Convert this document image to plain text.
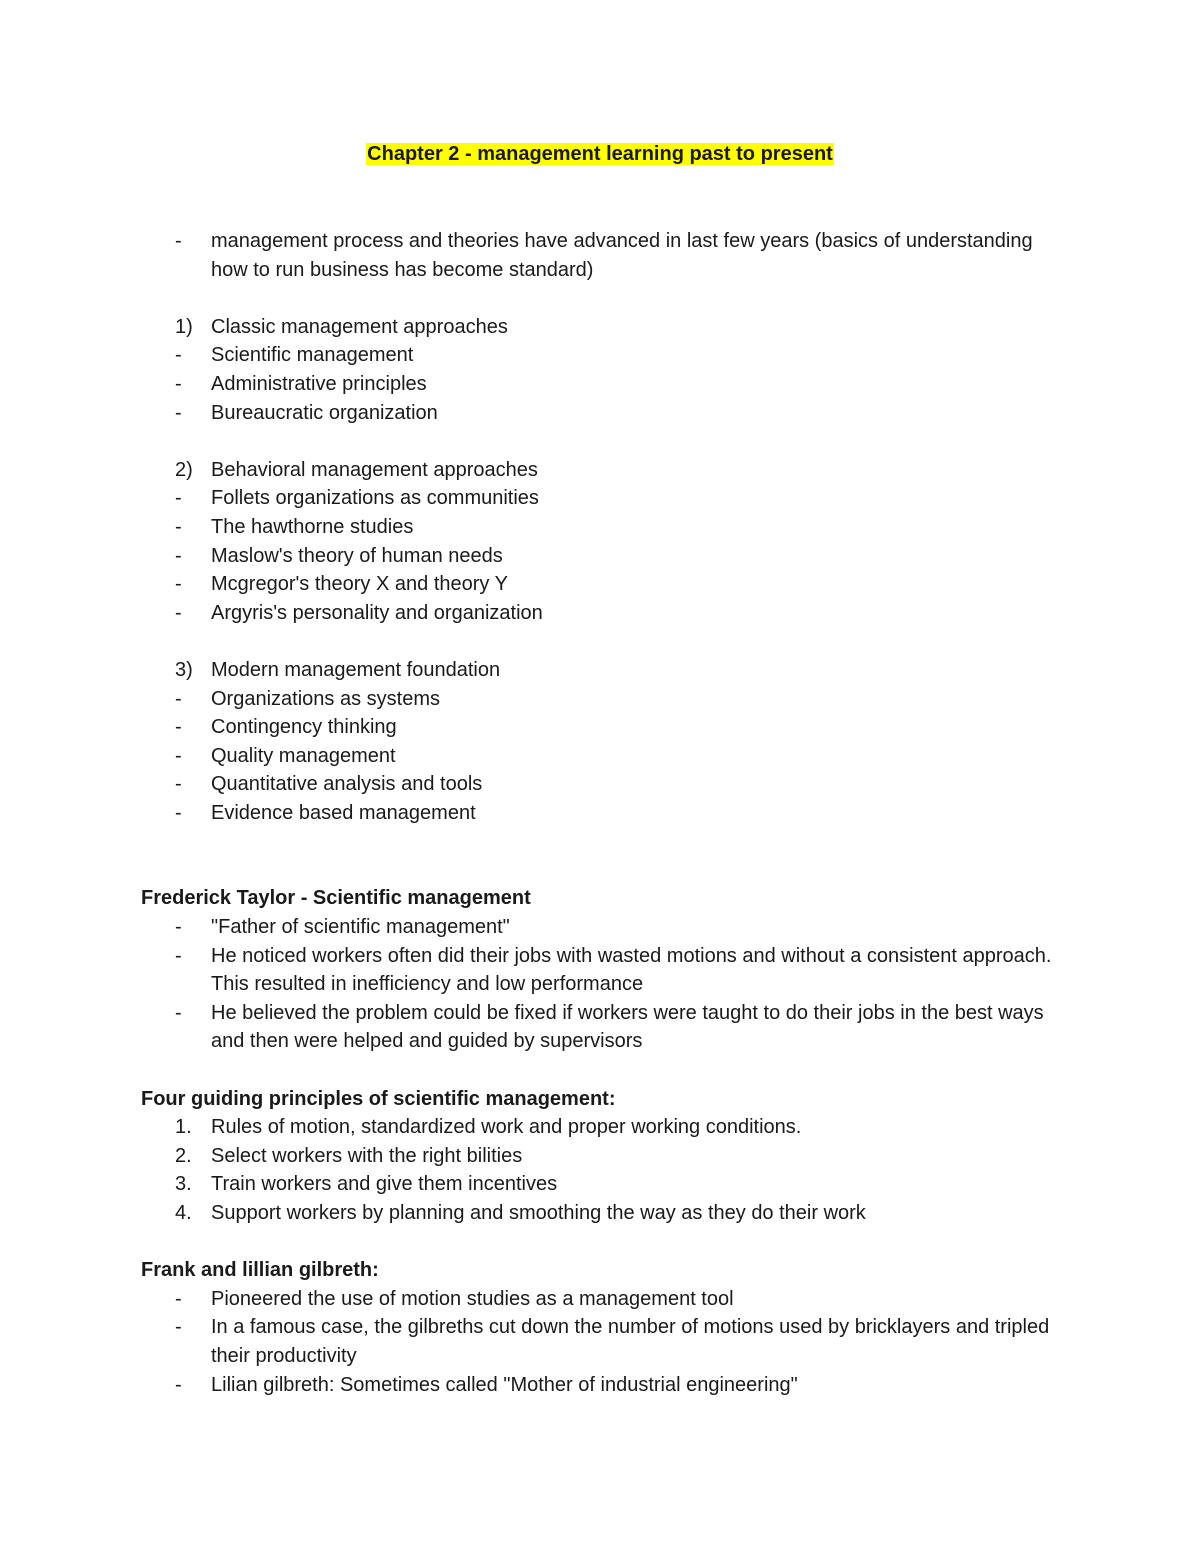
Chapter 2 - management learning past to present
-	management process and theories have advanced in last few years (basics of understanding how to run business has become standard)
1) Classic management approaches
-	Scientific management
-	Administrative principles
-	Bureaucratic organization
2) Behavioral management approaches
-	Follets organizations as communities
-	The hawthorne studies
-	Maslow's theory of human needs
-	Mcgregor's theory X and theory Y
-	Argyris's personality and organization
3) Modern management foundation
-	Organizations as systems
-	Contingency thinking
-	Quality management
-	Quantitative analysis and tools
-	Evidence based management
Frederick Taylor - Scientific management
-	"Father of scientific management"
-	He noticed workers often did their jobs with wasted motions and without a consistent approach. This resulted in inefficiency and low performance
-	He believed the problem could be fixed if workers were taught to do their jobs in the best ways and then were helped and guided by supervisors
Four guiding principles of scientific management:
1. Rules of motion, standardized work and proper working conditions.
2. Select workers with the right bilities
3. Train workers and give them incentives
4. Support workers by planning and smoothing the way as they do their work
Frank and lillian gilbreth:
-	Pioneered the use of motion studies as a management tool
-	In a famous case, the gilbreths cut down the number of motions used by bricklayers and tripled their productivity
-	Lilian gilbreth: Sometimes called "Mother of industrial engineering"
